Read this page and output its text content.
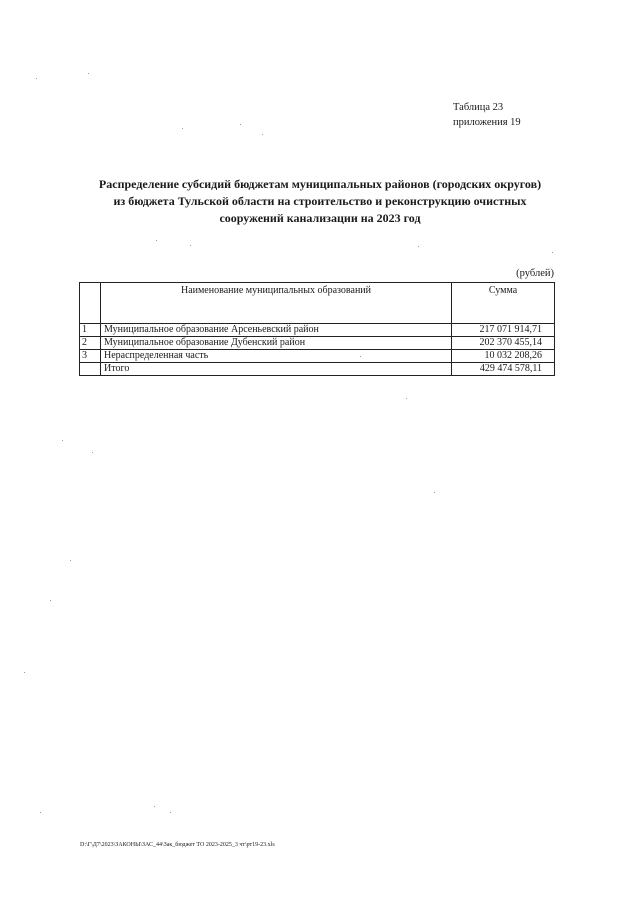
Таблица 23
приложения 19
Распределение субсидий бюджетам муниципальных районов (городских округов)
из бюджета Тульской области на строительство и реконструкцию очистных
сооружений канализации на 2023 год
(рублей)
	Наименование муниципальных образований	Сумма
1	Муниципальное образование Арсеньевский район	217 071 914,71
2	Муниципальное образование Дубенский район	202 370 455,14
3	Нераспределенная часть	10 032 208,26
	Итого	429 474 578,11
D:\Г\Д7\2023\ЗАКОНЫ\ЗАС_44\Зак_бюджет ТО 2023-2025_3 чт\рт19-23.xls
